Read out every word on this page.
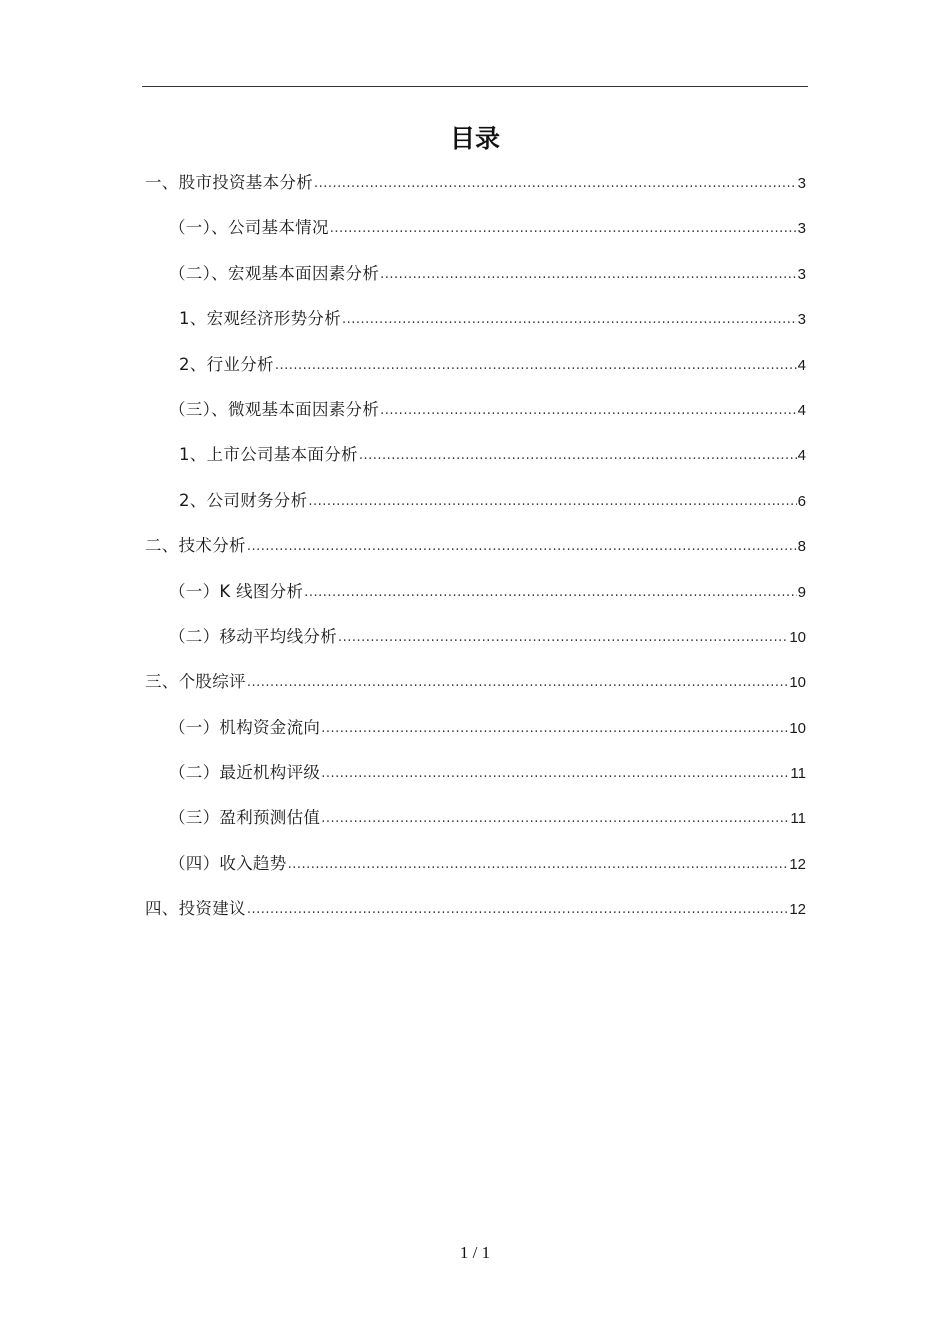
目录
一、股市投资基本分析 .....	3
（一）、公司基本情况 .....	3
（二）、宏观基本面因素分析 .....	3
1、宏观经济形势分析 .....	3
2、行业分析 .....	4
（三）、微观基本面因素分析 .....	4
1、上市公司基本面分析 .....	4
2、公司财务分析 .....	6
二、技术分析 .....	8
（一）K 线图分析 .....	9
（二）移动平均线分析 .....	10
三、个股综评 .....	10
（一）机构资金流向 .....	10
（二）最近机构评级 .....	11
（三）盈利预测估值 .....	11
（四）收入趋势 .....	12
四、投资建议 .....	12
1 / 1
